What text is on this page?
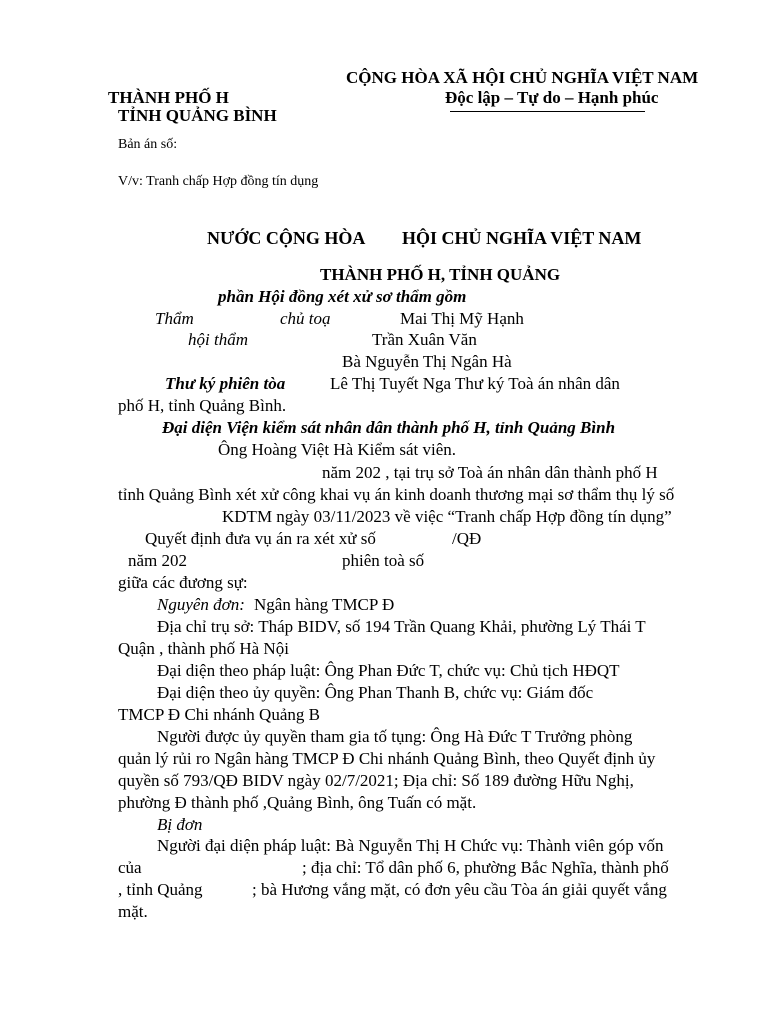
THÀNH PHỐ H
TỈNH QUẢNG BÌNH
CỘNG HÒA XÃ HỘI CHỦ NGHĨA VIỆT NAM
Độc lập – Tự do – Hạnh phúc
Bản án số:
V/v: Tranh chấp Hợp đồng tín dụng
NƯỚC CỘNG HÒA HỘI CHỦ NGHĨA VIỆT NAM
THÀNH PHỐ H, TỈNH QUẢNG
phần Hội đồng xét xử sơ thẩm gồm
Thẩm	chủ toạ	Mai Thị Mỹ Hạnh
hội thẩm	Trần Xuân Văn
Bà Nguyễn Thị Ngân Hà
Thư ký phiên tòa	Lê Thị Tuyết Nga Thư ký Toà án nhân dân
phố H, tỉnh Quảng Bình.
Đại diện Viện kiểm sát nhân dân thành phố H, tỉnh Quảng Bình
Ông Hoàng Việt Hà Kiểm sát viên.
năm 202 , tại trụ sở Toà án nhân dân thành phố H
tỉnh Quảng Bình xét xử công khai vụ án kinh doanh thương mại sơ thẩm thụ lý số
KDTM ngày 03/11/2023 về việc “Tranh chấp Hợp đồng tín dụng”
Quyết định đưa vụ án ra xét xử số	/QĐ
năm 202	phiên toà số
giữa các đương sự:
Nguyên đơn: Ngân hàng TMCP Đ
Địa chỉ trụ sở: Tháp BIDV, số 194 Trần Quang Khải, phường Lý Thái T
Quận , thành phố Hà Nội
Đại diện theo pháp luật: Ông Phan Đức T, chức vụ: Chủ tịch HĐQT
Đại diện theo ủy quyền: Ông Phan Thanh B, chức vụ: Giám đốc
TMCP Đ Chi nhánh Quảng B
Người được ủy quyền tham gia tố tụng: Ông Hà Đức T Trưởng phòng
quản lý rủi ro Ngân hàng TMCP Đ Chi nhánh Quảng Bình, theo Quyết định ủy
quyền số 793/QĐ BIDV ngày 02/7/2021; Địa chỉ: Số 189 đường Hữu Nghị,
phường Đ thành phố ,Quảng Bình, ông Tuấn có mặt.
Bị đơn
Người đại diện pháp luật: Bà Nguyễn Thị H Chức vụ: Thành viên góp vốn
của	; địa chỉ: Tổ dân phố 6, phường Bắc Nghĩa, thành phố
, tỉnh Quảng	; bà Hương vắng mặt, có đơn yêu cầu Tòa án giải quyết vắng
mặt.
